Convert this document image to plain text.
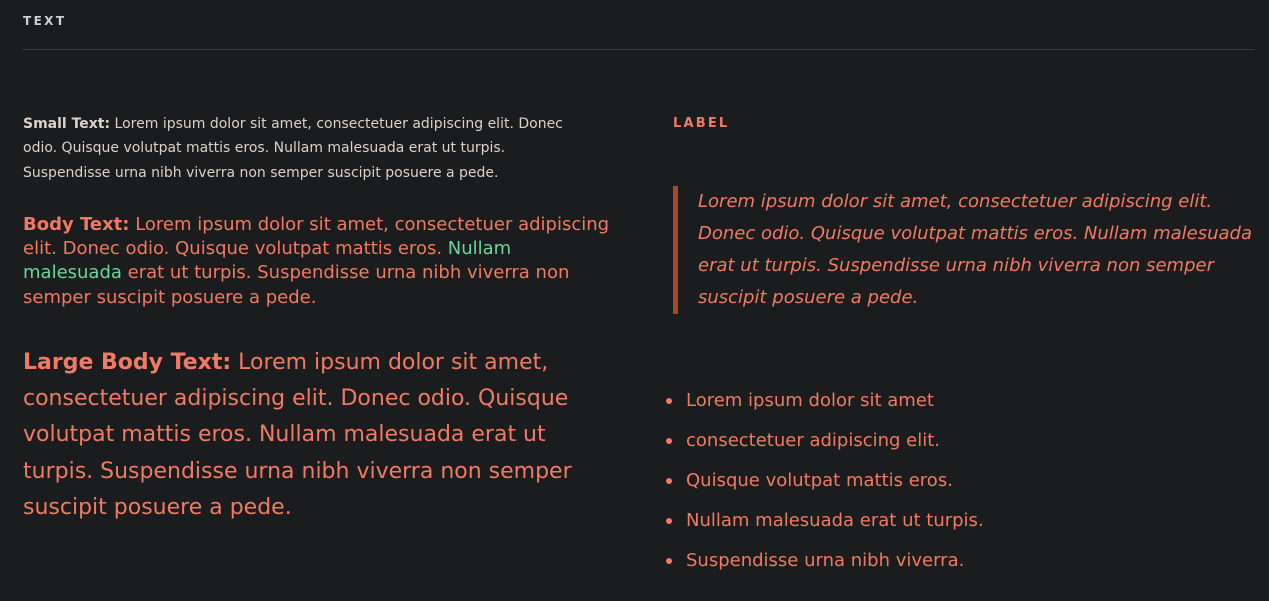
TEXT

Small Text: Lorem ipsum dolor sit amet, consectetuer adipiscing elit. Donec odio. Quisque volutpat mattis eros. Nullam malesuada erat ut turpis. Suspendisse urna nibh viverra non semper suscipit posuere a pede.

Body Text: Lorem ipsum dolor sit amet, consectetuer adipiscing elit. Donec odio. Quisque volutpat mattis eros. Nullam malesuada erat ut turpis. Suspendisse urna nibh viverra non semper suscipit posuere a pede.

Large Body Text: Lorem ipsum dolor sit amet, consectetuer adipiscing elit. Donec odio. Quisque volutpat mattis eros. Nullam malesuada erat ut turpis. Suspendisse urna nibh viverra non semper suscipit posuere a pede.

LABEL

Lorem ipsum dolor sit amet, consectetuer adipiscing elit. Donec odio. Quisque volutpat mattis eros. Nullam malesuada erat ut turpis. Suspendisse urna nibh viverra non semper suscipit posuere a pede.

Lorem ipsum dolor sit amet
consectetuer adipiscing elit.
Quisque volutpat mattis eros.
Nullam malesuada erat ut turpis.
Suspendisse urna nibh viverra.
